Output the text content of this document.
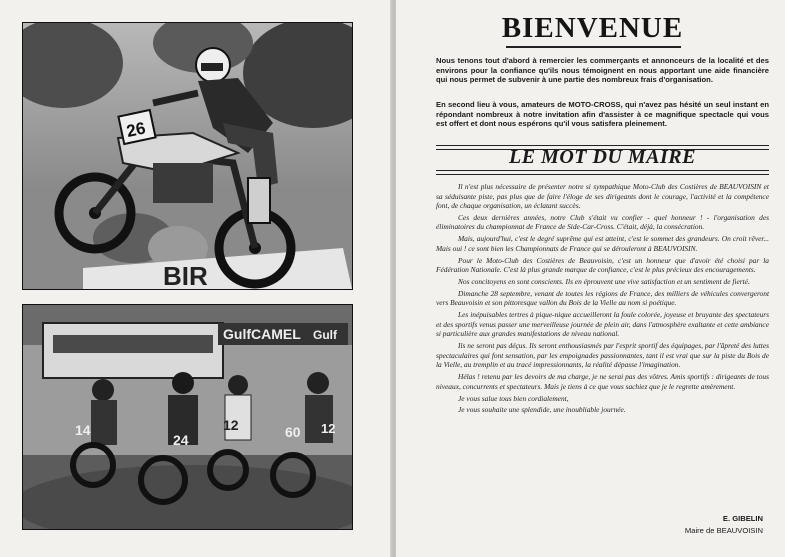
BIR
26
GulfCAMEL Gulf
14
24
12	60 12
BIENVENUE

Nous tenons tout d'abord à remercier les commerçants et annonceurs de la localité et des environs pour la confiance qu'ils nous témoignent en nous apportant une aide financière qui nous permet de subvenir à une partie des nombreux frais d'organisation.

En second lieu à vous, amateurs de MOTO-CROSS, qui n'avez pas hésité un seul instant en répondant nombreux à notre invitation afin d'assister à ce magnifique spectacle qui vous est offert et dont nous espérons qu'il vous satisfera pleinement.

LE MOT DU MAIRE

Il n'est plus nécessaire de présenter notre si sympathique Moto-Club des Costières de BEAUVOISIN et sa séduisante piste, pas plus que de faire l'éloge de ses dirigeants dont le courage, l'activité et la compétence font, de chaque organisation, un éclatant succès.

Ces deux dernières années, notre Club s'était vu confier - quel honneur ! - l'organisation des éliminatoires du championnat de France de Side-Car-Cross. C'était, déjà, la consécration.

Mais, aujourd'hui, c'est le degré suprême qui est atteint, c'est le sommet des grandeurs. On croit rêver... Mais oui ! ce sont bien les Championnats de France qui se dérouleront à BEAUVOISIN.

Pour le Moto-Club des Costières de Beauvoisin, c'est un honneur que d'avoir été choisi par la Fédération Nationale. C'est là plus grande marque de confiance, c'est le plus précieux des encouragements.

Nos concitoyens en sont conscients. Ils en éprouvent une vive satisfaction et un sentiment de fierté.

Dimanche 28 septembre, venant de toutes les régions de France, des milliers de véhicules convergeront vers Beauvoisin et son pittoresque vallon du Bois de la Vielle au nom si poétique.

Les inépuisables tertres à pique-nique accueilleront la foule colorée, joyeuse et bruyante des spectateurs et des sportifs venus passer une merveilleuse journée de plein air, dans l'atmosphère exaltante et cette ambiance si particulière aux grandes manifestations de niveau national.

Ils ne seront pas déçus. Ils seront enthousiasmés par l'esprit sportif des équipages, par l'âpreté des luttes spectaculaires qui font sensation, par les empoignades passionnantes, tant il est vrai que sur la piste du Bois de la Vielle, au tremplin et au tracé impressionnants, la réalité dépasse l'imagination.

Hélas ! retenu par les devoirs de ma charge, je ne serai pas des vôtres. Amis sportifs : dirigeants de tous niveaux, concurrents et spectateurs. Mais je tiens à ce que vous sachiez que je le regrette amèrement.

Je vous salue tous bien cordialement,

Je vous souhaite une splendide, une inoubliable journée.

E. GIBELIN
Maire de BEAUVOISIN
